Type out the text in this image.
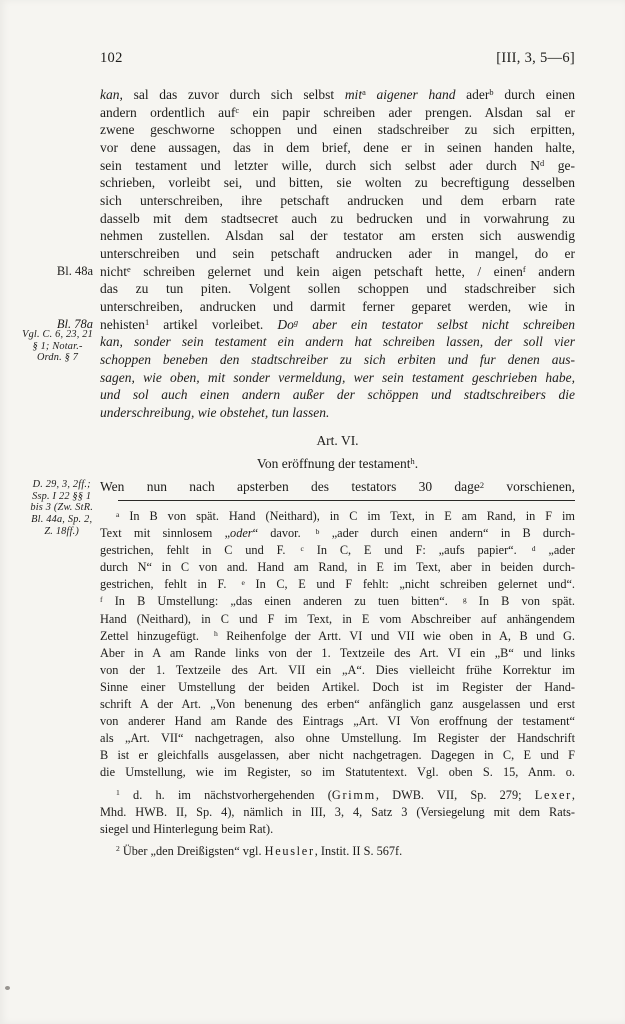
102	[III, 3, 5—6]
kan, sal das zuvor durch sich selbst mit$^a$ aigener hand ader$^b$ durch einen
andern ordentlich auf$^c$ ein papir schreiben ader prengen. Alsdan sal er
zwene geschworne schoppen und einen stadschreiber zu sich erpitten,
vor dene aussagen, das in dem brief, dene er in seinen handen halte,
sein testament und letzter wille, durch sich selbst ader durch $N^d$ ge-
schrieben, vorleibt sei, und bitten, sie wolten zu becreftigung desselben
sich unterschreiben, ihre petschaft andrucken und dem erbarn rate
dasselb mit dem stadtsecret auch zu bedrucken und in vorwahrung zu
nehmen zustellen. Alsdan sal der testator am ersten sich auswendig
unterschreiben und sein petschaft andrucken ader in mangel, do er
Bl. 48a nicht$^e$ schreiben gelernet und kein aigen petschaft hette, / einen$^f$ andern
das zu tun piten. Volgent sollen schoppen und stadschreiber sich
unterschreiben, andrucken und darmit ferner geparet werden, wie in
Bl. 78a nehisten$^1$ artikel vorleibet. Do$^g$ aber ein testator selbst nicht schreiben
Vgl. C. 6, 23, 21
§ 1; Notar.-
Ordn. § 7
kan, sonder sein testament ein andern hat schreiben lassen, der soll vier
schoppen beneben den stadtschreiber zu sich erbiten und fur denen aus-
sagen, wie oben, mit sonder vermeldung, wer sein testament geschrieben habe,
und sol auch einen andern außer der schöppen und stadtschreibers die
underschreibung, wie obstehet, tun lassen.
Art. VI.
Von eröffnung der testament$^h$.
D. 29, 3, 2ff.;
Ssp. I 22 §§ 1
bis 3 (Zw. StR.
Bl. 44a, Sp. 2,
Z. 18ff.)
Wen nun nach apsterben des testators 30 dage$^2$ vorschienen,
$^a$ In B von spät. Hand (Neithard), in C im Text, in E am Rand, in F im
Text mit sinnlosem „oder“ davor. $^b$ „ader durch einen andern“ in B durch-
gestrichen, fehlt in C und F. $^c$ In C, E und F: „aufs papier“. $^d$ „ader
durch N“ in C von and. Hand am Rand, in E im Text, aber in beiden durch-
gestrichen, fehlt in F. $^e$ In C, E und F fehlt: „nicht schreiben gelernet und“.
$^f$ In B Umstellung: „das einen anderen zu tuen bitten“. $^g$ In B von spät.
Hand (Neithard), in C und F im Text, in E vom Abschreiber auf anhängendem
Zettel hinzugefügt. $^h$ Reihenfolge der Artt. VI und VII wie oben in A, B und G.
Aber in A am Rande links von der 1. Textzeile des Art. VI ein „B“ und links
von der 1. Textzeile des Art. VII ein „A“. Dies vielleicht frühe Korrektur im
Sinne einer Umstellung der beiden Artikel. Doch ist im Register der Hand-
schrift A der Art. „Von benenung des erben“ anfänglich ganz ausgelassen und erst
von anderer Hand am Rande des Eintrags „Art. VI Von eroffnung der testament“
als „Art. VII“ nachgetragen, also ohne Umstellung. Im Register der Handschrift
B ist er gleichfalls ausgelassen, aber nicht nachgetragen. Dagegen in C, E und F
die Umstellung, wie im Register, so im Statutentext. Vgl. oben S. 15, Anm. o.
$^1$ d. h. im nächstvorhergehenden (Grimm, DWB. VII, Sp. 279; Lexer,
Mhd. HWB. II, Sp. 4), nämlich in III, 3, 4, Satz 3 (Versiegelung mit dem Rats-
siegel und Hinterlegung beim Rat).
$^2$ Über „den Dreißigsten“ vgl. Heusler, Instit. II S. 567f.
